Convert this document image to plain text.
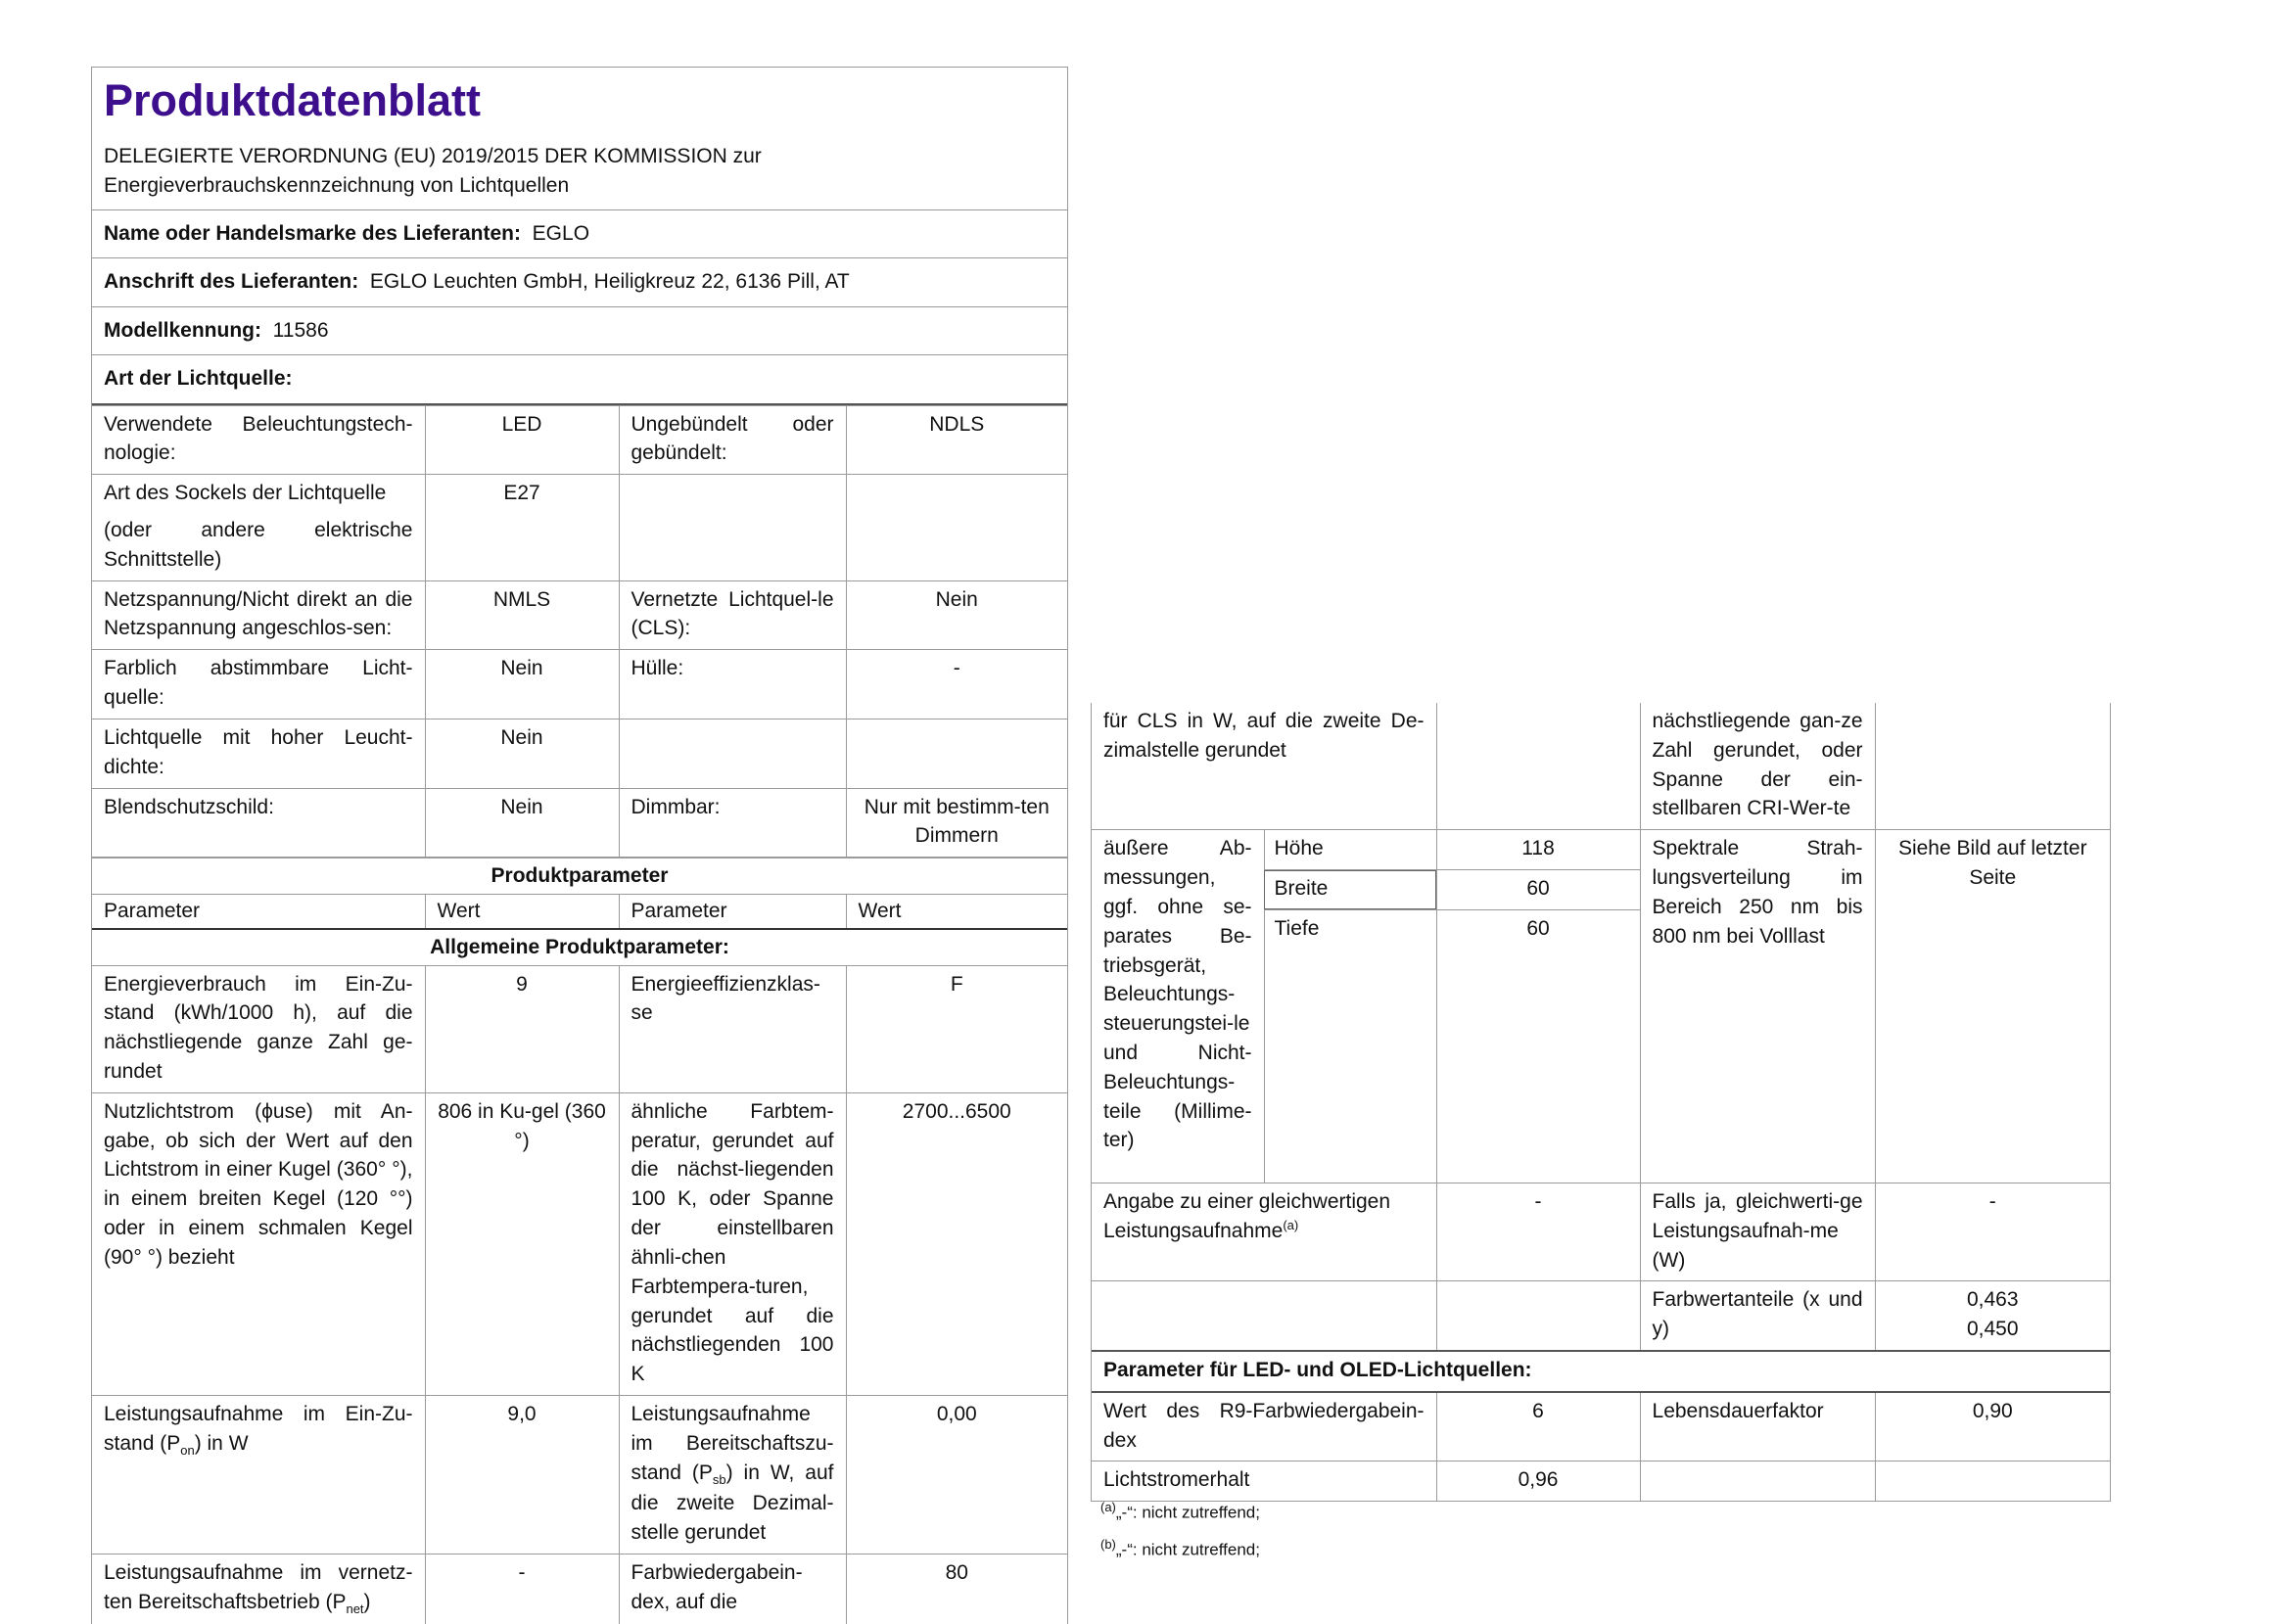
Produktdatenblatt
DELEGIERTE VERORDNUNG (EU) 2019/2015 DER KOMMISSION zur
Energieverbrauchskennzeichnung von Lichtquellen
Name oder Handelsmarke des Lieferanten: EGLO
Anschrift des Lieferanten: EGLO Leuchten GmbH, Heiligkreuz 22, 6136 Pill, AT
Modellkennung: 11586
Art der Lichtquelle:
Verwendete Beleuchtungstech-nologie:	LED	Ungebündelt oder gebündelt:	NDLS

Art des Sockels der Lichtquelle
(oder andere elektrische Schnittstelle)	E27		
Netzspannung/Nicht direkt an die Netzspannung angeschlos-sen:	NMLS	Vernetzte Lichtquel-le (CLS):	Nein
Farblich abstimmbare Licht-quelle:	Nein	Hülle:	-
Lichtquelle mit hoher Leucht-dichte:	Nein		
Blendschutzschild:	Nein	Dimmbar:	Nur mit bestimm-ten Dimmern
Produktparameter			
Parameter	Wert	Parameter	Wert
Allgemeine Produktparameter:			
Energieverbrauch im Ein-Zu-stand (kWh/1000 h), auf die nächstliegende ganze Zahl ge-rundet	9	Energieeffizienzklas-se	F
Nutzlichtstrom (ϕuse) mit An-gabe, ob sich der Wert auf den Lichtstrom in einer Kugel (360° °), in einem breiten Kegel (120 °°) oder in einem schmalen Kegel (90° °) bezieht	806 in Ku-gel (360 °)	ähnliche Farbtem-peratur, gerundet auf die nächst-liegenden 100 K, oder Spanne der einstellbaren ähnli-chen Farbtempera-turen, gerundet auf die nächstliegenden 100 K	2700...6500
Leistungsaufnahme im Ein-Zu-stand $(P_{on})$ in W	9,0	Leistungsaufnahme im Bereitschaftszu-stand $(P_{sb})$ in W, auf die zweite Dezimal-stelle gerundet	0,00
Leistungsaufnahme im vernetz-ten Bereitschaftsbetrieb $(P_{net})$	-	Farbwiedergabein-dex, auf die	80
für CLS in W, auf die zweite De-zimalstelle gerundet			nächstliegende gan-ze Zahl gerundet, oder Spanne der ein-stellbaren CRI-Wer-te	
äußere Ab-messungen, ggf. ohne se-parates Be-triebsgerät, Beleuchtungs-steuerungstei-le und Nicht-Beleuchtungs-teile (Millime-ter)	Höhe	118	Spektrale Strah-lungsverteilung im Bereich 250 nm bis 800 nm bei Volllast	Siehe Bild auf letzter Seite
	Breite	60		
	Tiefe	60		
Angabe zu einer gleichwertigen Leistungsaufnahme$^{(a)}$		-	Falls ja, gleichwerti-ge Leistungsaufnah-me (W)	-
			Farbwertanteile (x und y)	0,463
0,450

Parameter für LED- und OLED-Lichtquellen:				
Wert des R9-Farbwiedergabein-dex		6	Lebensdauerfaktor	0,90
Lichtstromerhalt		0,96		
$^{(a)}$„-“: nicht zutreffend;
$^{(b)}$„-“: nicht zutreffend;
